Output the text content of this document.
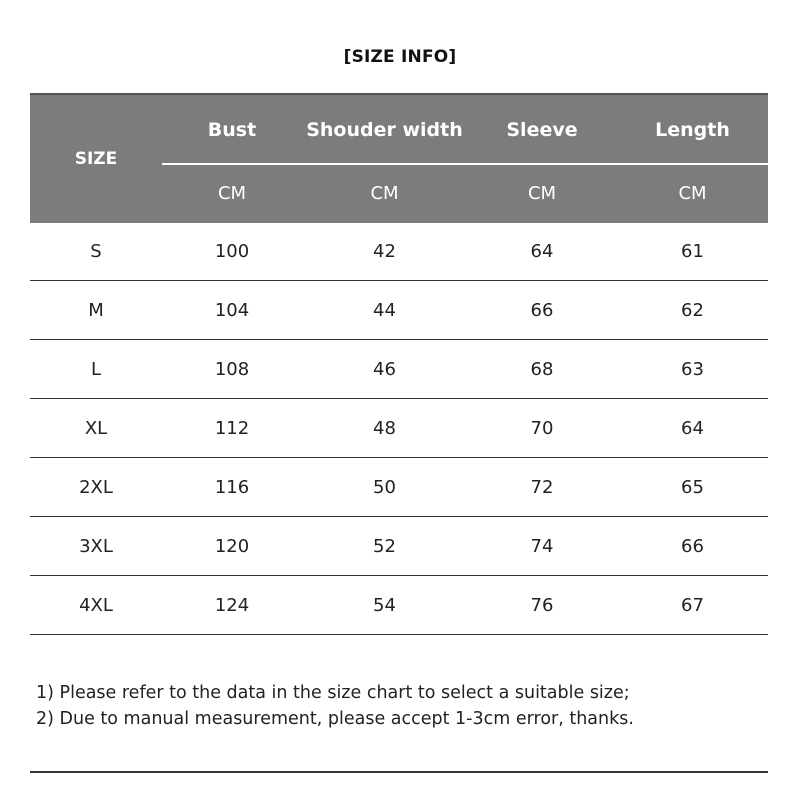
[SIZE INFO]
SIZE
Bust	Shouder width	Sleeve	Length
CM	CM	CM	CM
S	100	42	64	61
M	104	44	66	62
L	108	46	68	63
XL	112	48	70	64
2XL	116	50	72	65
3XL	120	52	74	66
4XL	124	54	76	67
1) Please refer to the data in the size chart to select a suitable size;
2) Due to manual measurement, please accept 1-3cm error, thanks.
